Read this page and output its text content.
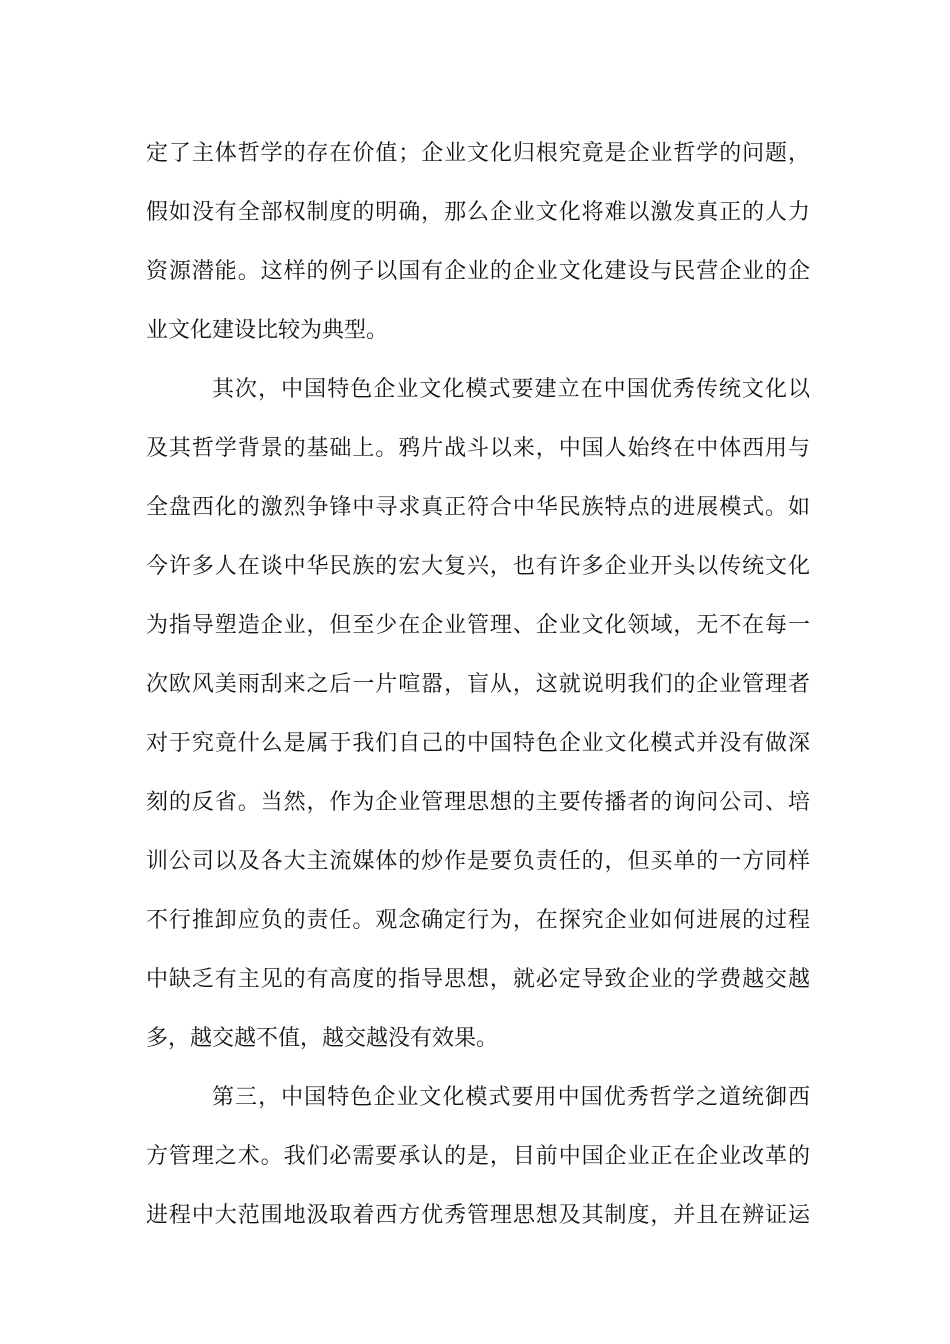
定了主体哲学的存在价值；企业文化归根究竟是企业哲学的问题，
假如没有全部权制度的明确，那么企业文化将难以激发真正的人力
资源潜能。这样的例子以国有企业的企业文化建设与民营企业的企
业文化建设比较为典型。
其次，中国特色企业文化模式要建立在中国优秀传统文化以
及其哲学背景的基础上。鸦片战斗以来，中国人始终在中体西用与
全盘西化的激烈争锋中寻求真正符合中华民族特点的进展模式。如
今许多人在谈中华民族的宏大复兴，也有许多企业开头以传统文化
为指导塑造企业，但至少在企业管理、企业文化领域，无不在每一
次欧风美雨刮来之后一片喧嚣，盲从，这就说明我们的企业管理者
对于究竟什么是属于我们自己的中国特色企业文化模式并没有做深
刻的反省。当然，作为企业管理思想的主要传播者的询问公司、培
训公司以及各大主流媒体的炒作是要负责任的，但买单的一方同样
不行推卸应负的责任。观念确定行为，在探究企业如何进展的过程
中缺乏有主见的有高度的指导思想，就必定导致企业的学费越交越
多，越交越不值，越交越没有效果。
第三，中国特色企业文化模式要用中国优秀哲学之道统御西
方管理之术。我们必需要承认的是，目前中国企业正在企业改革的
进程中大范围地汲取着西方优秀管理思想及其制度，并且在辨证运
